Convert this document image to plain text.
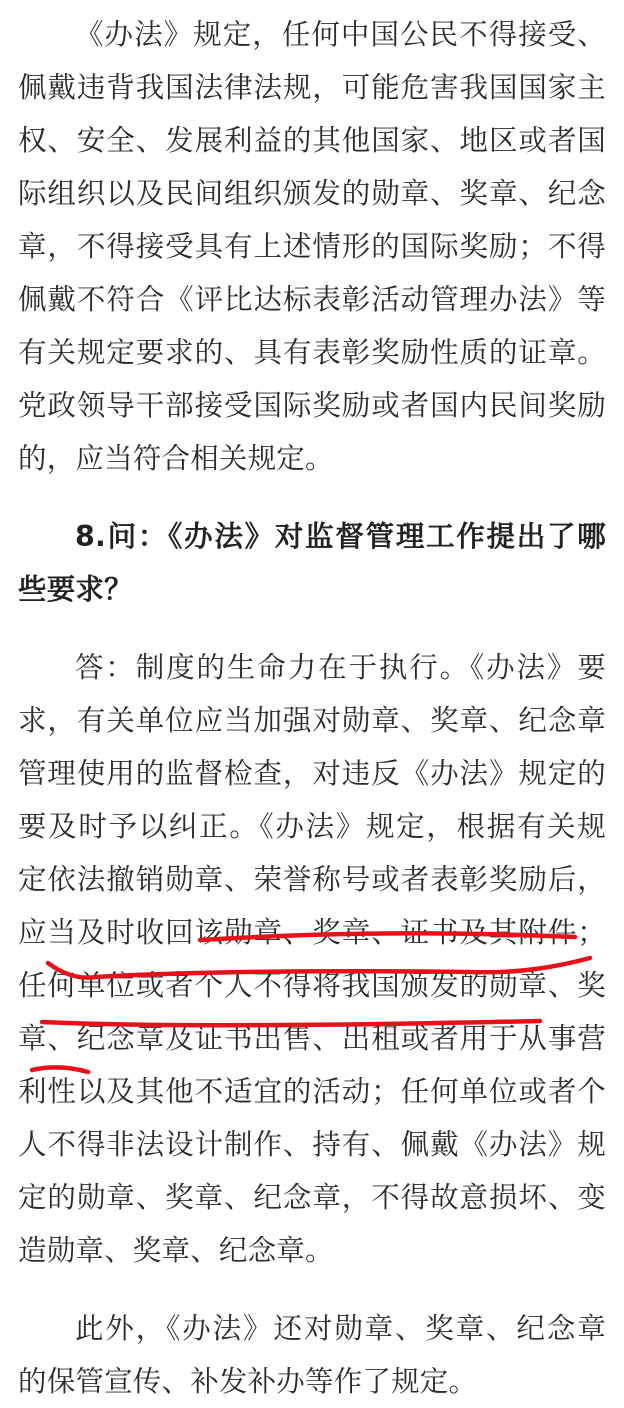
《办法》规定，任何中国公民不得接受、佩戴违背我国法律法规，可能危害我国国家主权、安全、发展利益的其他国家、地区或者国际组织以及民间组织颁发的勋章、奖章、纪念章，不得接受具有上述情形的国际奖励；不得佩戴不符合《评比达标表彰活动管理办法》等有关规定要求的、具有表彰奖励性质的证章。党政领导干部接受国际奖励或者国内民间奖励的，应当符合相关规定。

8.问：《办法》对监督管理工作提出了哪些要求？

答：制度的生命力在于执行。《办法》要求，有关单位应当加强对勋章、奖章、纪念章管理使用的监督检查，对违反《办法》规定的要及时予以纠正。《办法》规定，根据有关规定依法撤销勋章、荣誉称号或者表彰奖励后，应当及时收回该勋章、奖章、证书及其附件；任何单位或者个人不得将我国颁发的勋章、奖章、纪念章及证书出售、出租或者用于从事营利性以及其他不适宜的活动；任何单位或者个人不得非法设计制作、持有、佩戴《办法》规定的勋章、奖章、纪念章，不得故意损坏、变造勋章、奖章、纪念章。

此外，《办法》还对勋章、奖章、纪念章的保管宣传、补发补办等作了规定。
